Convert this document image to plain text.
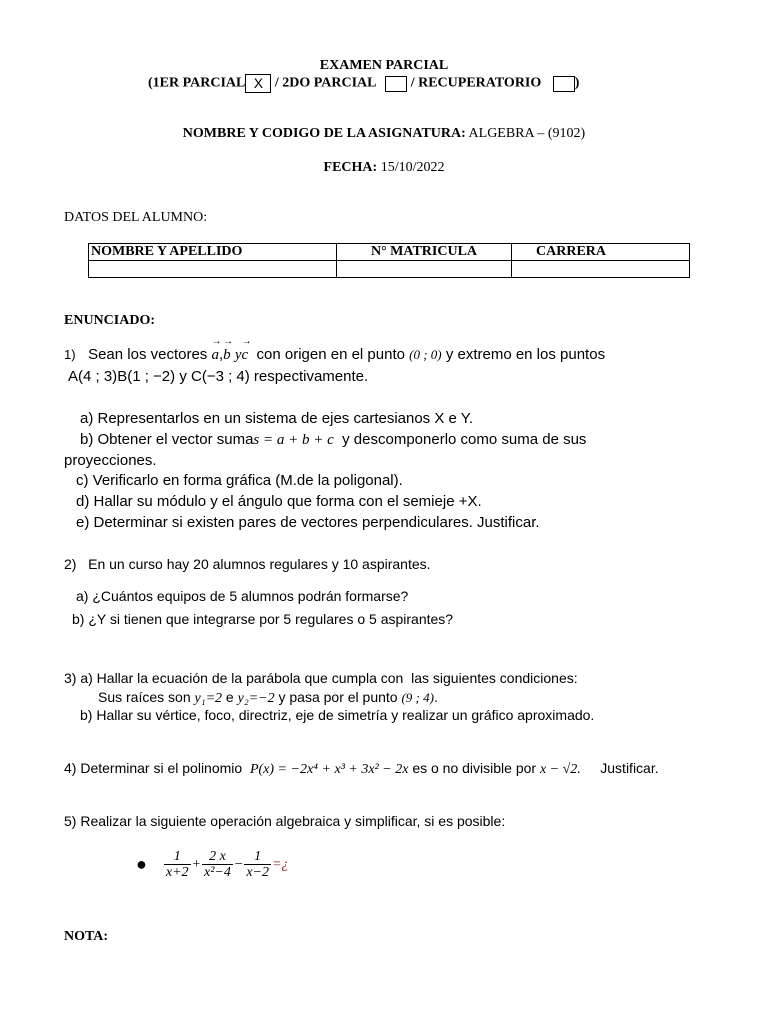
EXAMEN PARCIAL
(1ER PARCIAL X / 2DO PARCIAL	/ RECUPERATORIO )
NOMBRE Y CODIGO DE LA ASIGNATURA: ALGEBRA – (9102)
FECHA: 15/10/2022
DATOS DEL ALUMNO:
NOMBRE Y APELLIDO	N° MATRICULA	CARRERA

ENUNCIADO:
1) Sean los vectores → a,→ b y→ c con origen en el punto (0 ; 0) y extremo en los puntos
A(4 ; 3)B(1 ; −2) y C(−3 ; 4) respectivamente.
a) Representarlos en un sistema de ejes cartesianos X e Y.
b) Obtener el vector sumas = a + b + c y descomponerlo como suma de sus
proyecciones.
c) Verificarlo en forma gráfica (M.de la poligonal).
d) Hallar su módulo y el ángulo que forma con el semieje +X.
e) Determinar si existen pares de vectores perpendiculares. Justificar.
2)   En un curso hay 20 alumnos regulares y 10 aspirantes.
a) ¿Cuántos equipos de 5 alumnos podrán formarse?
b) ¿Y si tienen que integrarse por 5 regulares o 5 aspirantes?
3) a) Hallar la ecuación de la parábola que cumpla con  las siguientes condiciones:
Sus raíces son y₁=2 e y₂=−2 y pasa por el punto (9 ; 4).
b) Hallar su vértice, foco, directriz, eje de simetría y realizar un gráfico aproximado.
4) Determinar si el polinomio P(x) = −2x⁴ + x³ + 3x² − 2x es o no divisible por x − √2. Justificar.
5) Realizar la siguiente operación algebraica y simplificar, si es posible:
● $\frac{1}{x+2} + \frac{2 x}{\text{x²−4}} - \frac{1}{x-2}$ =¿
NOTA:
